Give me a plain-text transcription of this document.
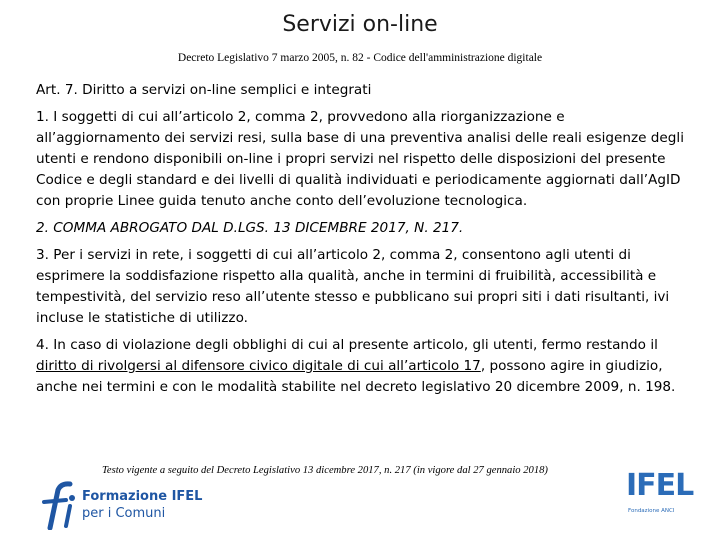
Servizi on-line
Decreto Legislativo 7 marzo 2005, n. 82 - Codice dell'amministrazione digitale

Art. 7. Diritto a servizi on-line semplici e integrati

1. I soggetti di cui all’articolo 2, comma 2, provvedono alla riorganizzazione e all’aggiornamento dei servizi resi, sulla base di una preventiva analisi delle reali esigenze degli utenti e rendono disponibili on-line i propri servizi nel rispetto delle disposizioni del presente Codice e degli standard e dei livelli di qualità individuati e periodicamente aggiornati dall’AgID con proprie Linee guida tenuto anche conto dell’evoluzione tecnologica.

2. COMMA ABROGATO DAL D.LGS. 13 DICEMBRE 2017, N. 217.

3. Per i servizi in rete, i soggetti di cui all’articolo 2, comma 2, consentono agli utenti di esprimere la soddisfazione rispetto alla qualità, anche in termini di fruibilità, accessibilità e tempestività, del servizio reso all’utente stesso e pubblicano sui propri siti i dati risultanti, ivi incluse le statistiche di utilizzo.

4. In caso di violazione degli obblighi di cui al presente articolo, gli utenti, fermo restando il diritto di rivolgersi al difensore civico digitale di cui all’articolo 17, possono agire in giudizio, anche nei termini e con le modalità stabilite nel decreto legislativo 20 dicembre 2009, n. 198.

Testo vigente a seguito del Decreto Legislativo 13 dicembre 2017, n. 217 (in vigore dal 27 gennaio 2018)
Formazione IFEL
per i Comuni
IFEL
Fondazione ANCI
